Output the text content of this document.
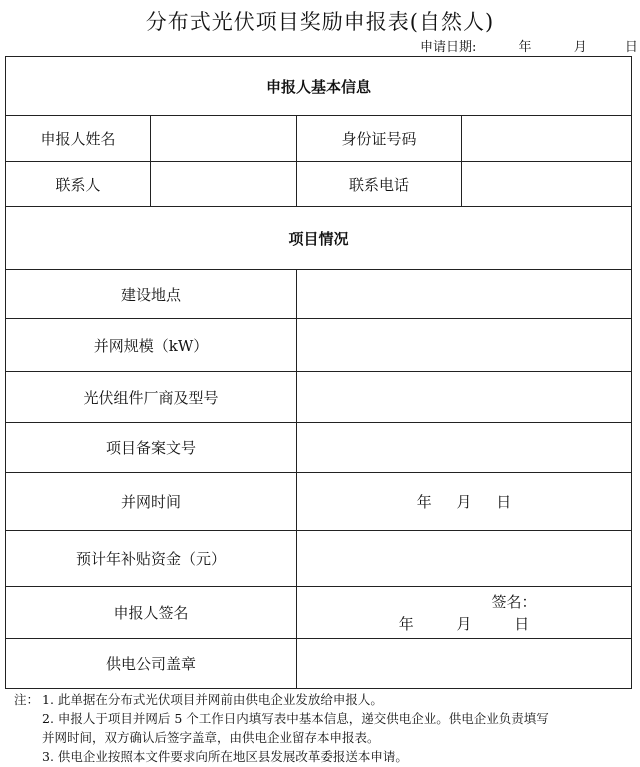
分布式光伏项目奖励申报表(自然人)
申请日期:	年	月	日
申报人基本信息			
申报人姓名		身份证号码	
联系人		联系电话	
项目情况			
建设地点			
并网规模（kW）			
光伏组件厂商及型号			
项目备案文号			
并网时间		年 月 日	
预计年补贴资金（元）			
申报人签名		签名：
年 月 日	

供电公司盖章			
注： 1. 此单据在分布式光伏项目并网前由供电企业发放给申报人。
2. 申报人于项目并网后 5 个工作日内填写表中基本信息，递交供电企业。供电企业负责填写
并网时间，双方确认后签字盖章，由供电企业留存本申报表。
3. 供电企业按照本文件要求向所在地区县发展改革委报送本申请。
